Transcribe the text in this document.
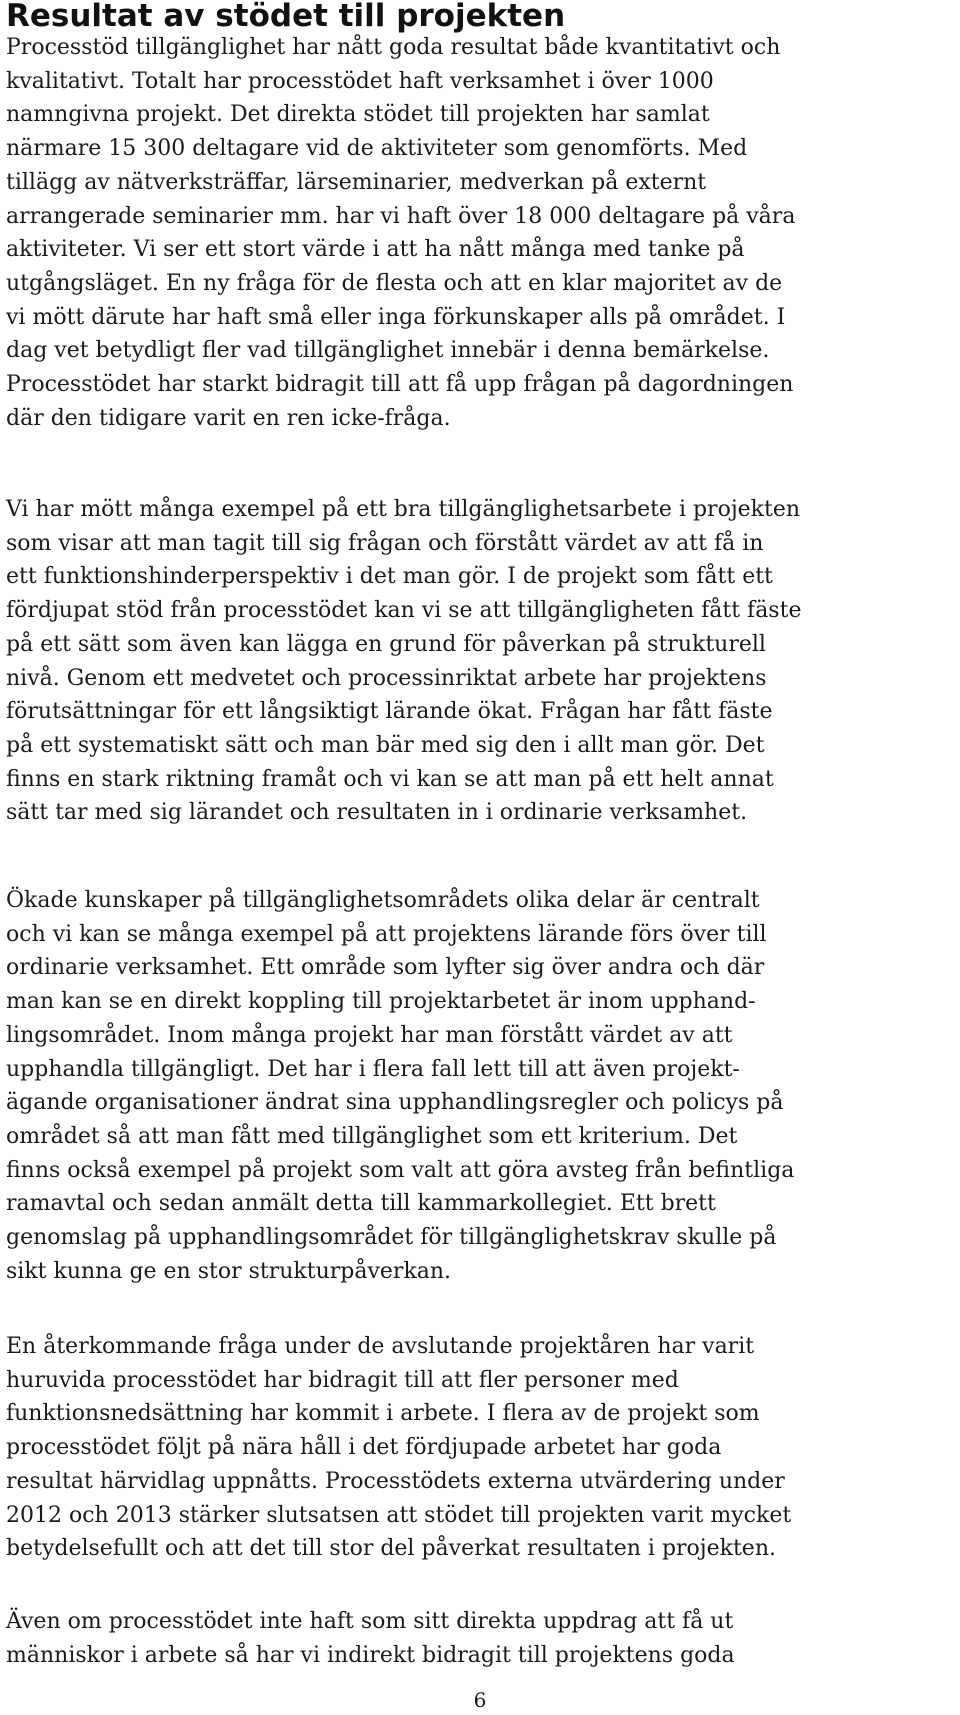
Resultat av stödet till projekten

Processtöd tillgänglighet har nått goda resultat både kvantitativt och
kvalitativt. Totalt har processtödet haft verksamhet i över 1000
namngivna projekt. Det direkta stödet till projekten har samlat
närmare 15 300 deltagare vid de aktiviteter som genomförts. Med
tillägg av nätverksträffar, lärseminarier, medverkan på externt
arrangerade seminarier mm. har vi haft över 18 000 deltagare på våra
aktiviteter. Vi ser ett stort värde i att ha nått många med tanke på
utgångsläget. En ny fråga för de flesta och att en klar majoritet av de
vi mött därute har haft små eller inga förkunskaper alls på området. I
dag vet betydligt fler vad tillgänglighet innebär i denna bemärkelse.
Processtödet har starkt bidragit till att få upp frågan på dagordningen
där den tidigare varit en ren icke-fråga.

Vi har mött många exempel på ett bra tillgänglighetsarbete i projekten
som visar att man tagit till sig frågan och förstått värdet av att få in
ett funktionshinderperspektiv i det man gör. I de projekt som fått ett
fördjupat stöd från processtödet kan vi se att tillgängligheten fått fäste
på ett sätt som även kan lägga en grund för påverkan på strukturell
nivå. Genom ett medvetet och processinriktat arbete har projektens
förutsättningar för ett långsiktigt lärande ökat. Frågan har fått fäste
på ett systematiskt sätt och man bär med sig den i allt man gör. Det
finns en stark riktning framåt och vi kan se att man på ett helt annat
sätt tar med sig lärandet och resultaten in i ordinarie verksamhet.

Ökade kunskaper på tillgänglighetsområdets olika delar är centralt
och vi kan se många exempel på att projektens lärande förs över till
ordinarie verksamhet. Ett område som lyfter sig över andra och där
man kan se en direkt koppling till projektarbetet är inom upphand-
lingsområdet. Inom många projekt har man förstått värdet av att
upphandla tillgängligt. Det har i flera fall lett till att även projekt-
ägande organisationer ändrat sina upphandlingsregler och policys på
området så att man fått med tillgänglighet som ett kriterium. Det
finns också exempel på projekt som valt att göra avsteg från befintliga
ramavtal och sedan anmält detta till kammarkollegiet. Ett brett
genomslag på upphandlingsområdet för tillgänglighetskrav skulle på
sikt kunna ge en stor strukturpåverkan.

En återkommande fråga under de avslutande projektåren har varit
huruvida processtödet har bidragit till att fler personer med
funktionsnedsättning har kommit i arbete. I flera av de projekt som
processtödet följt på nära håll i det fördjupade arbetet har goda
resultat härvidlag uppnåtts. Processtödets externa utvärdering under
2012 och 2013 stärker slutsatsen att stödet till projekten varit mycket
betydelsefullt och att det till stor del påverkat resultaten i projekten.

Även om processtödet inte haft som sitt direkta uppdrag att få ut
människor i arbete så har vi indirekt bidragit till projektens goda

6
